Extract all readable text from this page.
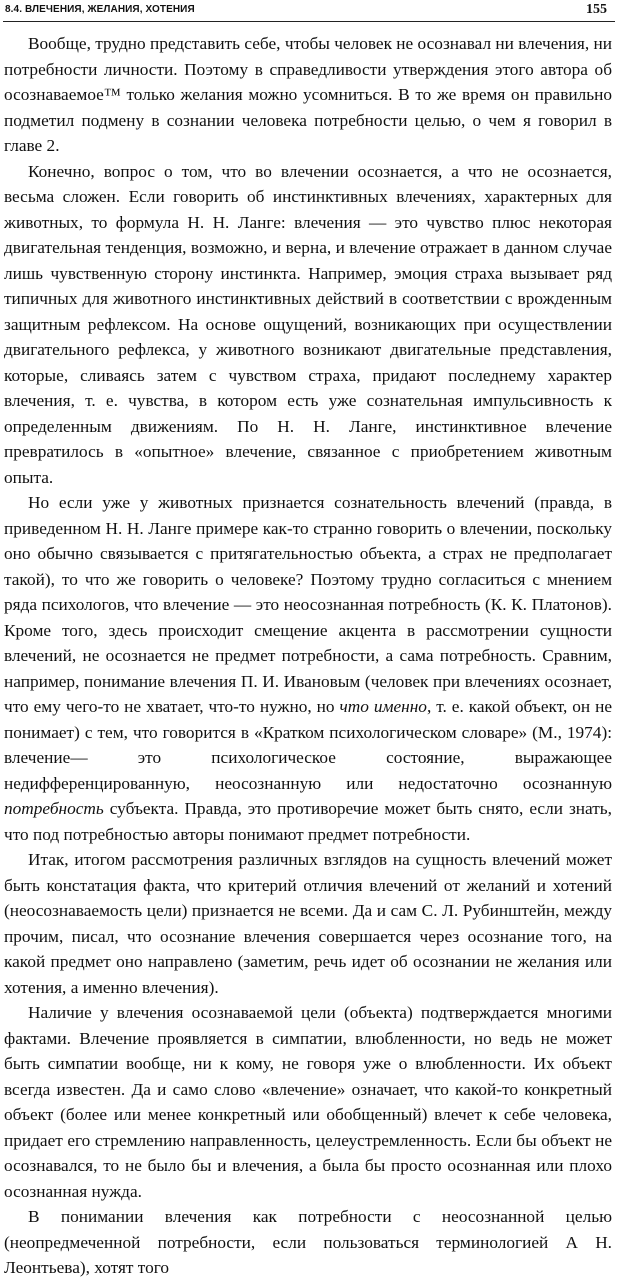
8.4. ВЛЕЧЕНИЯ, ЖЕЛАНИЯ, ХОТЕНИЯ	155

Вообще, трудно представить себе, чтобы человек не осознавал ни влечения, ни потребности личности. Поэтому в справедливости утверждения этого автора об осознаваемое™ только желания можно усомниться. В то же время он правильно подметил подмену в сознании человека потребности целью, о чем я говорил в главе 2.

Конечно, вопрос о том, что во влечении осознается, а что не осознается, весьма сложен. Если говорить об инстинктивных влечениях, характерных для животных, то формула Н. Н. Ланге: влечения — это чувство плюс некоторая двигательная тенденция, возможно, и верна, и влечение отражает в данном случае лишь чувственную сторону инстинкта. Например, эмоция страха вызывает ряд типичных для животного инстинктивных действий в соответствии с врожденным защитным рефлексом. На основе ощущений, возникающих при осуществлении двигательного рефлекса, у животного возникают двигательные представления, которые, сливаясь затем с чувством страха, придают последнему характер влечения, т. е. чувства, в котором есть уже сознательная импульсивность к определенным движениям. По Н. Н. Ланге, инстинктивное влечение превратилось в «опытное» влечение, связанное с приобретением животным опыта.

Но если уже у животных признается сознательность влечений (правда, в приведенном Н. Н. Ланге примере как-то странно говорить о влечении, поскольку оно обычно связывается с притягательностью объекта, а страх не предполагает такой), то что же говорить о человеке? Поэтому трудно согласиться с мнением ряда психологов, что влечение — это неосознанная потребность (К. К. Платонов). Кроме того, здесь происходит смещение акцента в рассмотрении сущности влечений, не осознается не предмет потребности, а сама потребность. Сравним, например, понимание влечения П. И. Ивановым (человек при влечениях осознает, что ему чего-то не хватает, что-то нужно, но что именно, т. е. какой объект, он не понимает) с тем, что говорится в «Кратком психологическом словаре» (М., 1974): влечение— это психологическое состояние, выражающее недифференцированную, неосознанную или недостаточно осознанную потребность субъекта. Правда, это противоречие может быть снято, если знать, что под потребностью авторы понимают предмет потребности.

Итак, итогом рассмотрения различных взглядов на сущность влечений может быть констатация факта, что критерий отличия влечений от желаний и хотений (неосознаваемость цели) признается не всеми. Да и сам С. Л. Рубинштейн, между прочим, писал, что осознание влечения совершается через осознание того, на какой предмет оно направлено (заметим, речь идет об осознании не желания или хотения, а именно влечения).

Наличие у влечения осознаваемой цели (объекта) подтверждается многими фактами. Влечение проявляется в симпатии, влюбленности, но ведь не может быть симпатии вообще, ни к кому, не говоря уже о влюбленности. Их объект всегда известен. Да и само слово «влечение» означает, что какой-то конкретный объект (более или менее конкретный или обобщенный) влечет к себе человека, придает его стремлению направленность, целеустремленность. Если бы объект не осознавался, то не было бы и влечения, а была бы просто осознанная или плохо осознанная нужда.

В понимании влечения как потребности с неосознанной целью (неопредмеченной потребности, если пользоваться терминологией А Н. Леонтьева), хотят того
